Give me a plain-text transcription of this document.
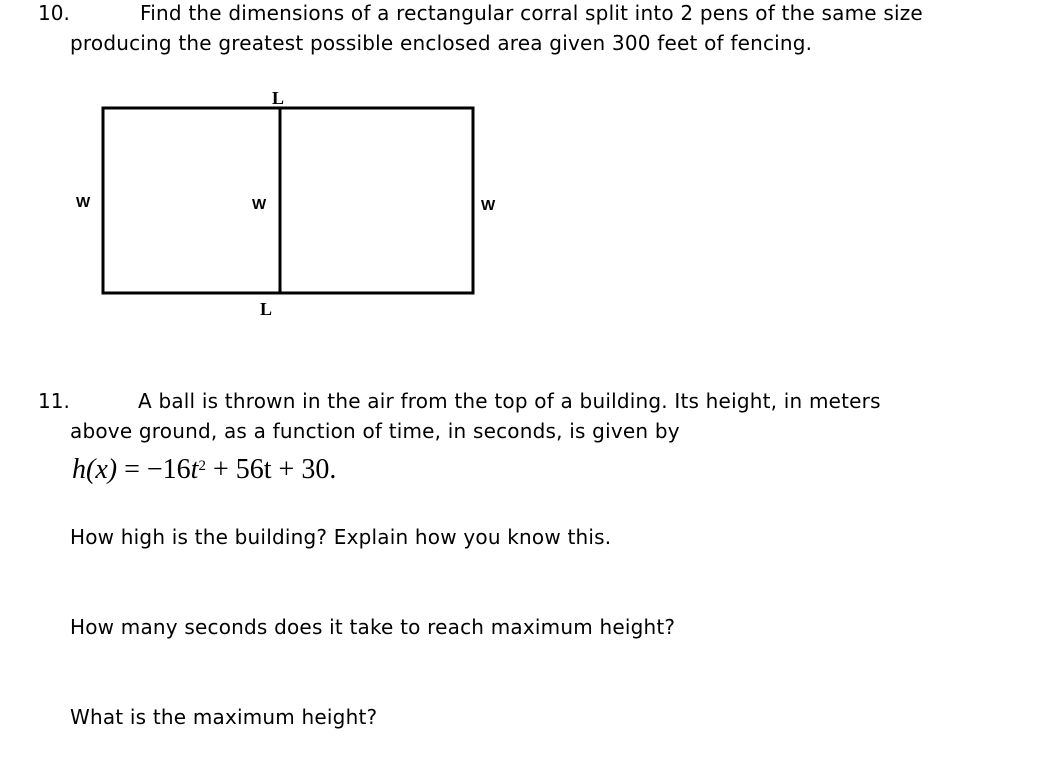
10.	Find the dimensions of a rectangular corral split into 2 pens of the same size
producing the greatest possible enclosed area given 300 feet of fencing.
L
L
W	W	W
11.	A ball is thrown in the air from the top of a building. Its height, in meters
above ground, as a function of time, in seconds, is given by
$h(x) = -16t^2 + 56t + 30$.
How high is the building? Explain how you know this.
How many seconds does it take to reach maximum height?
What is the maximum height?
